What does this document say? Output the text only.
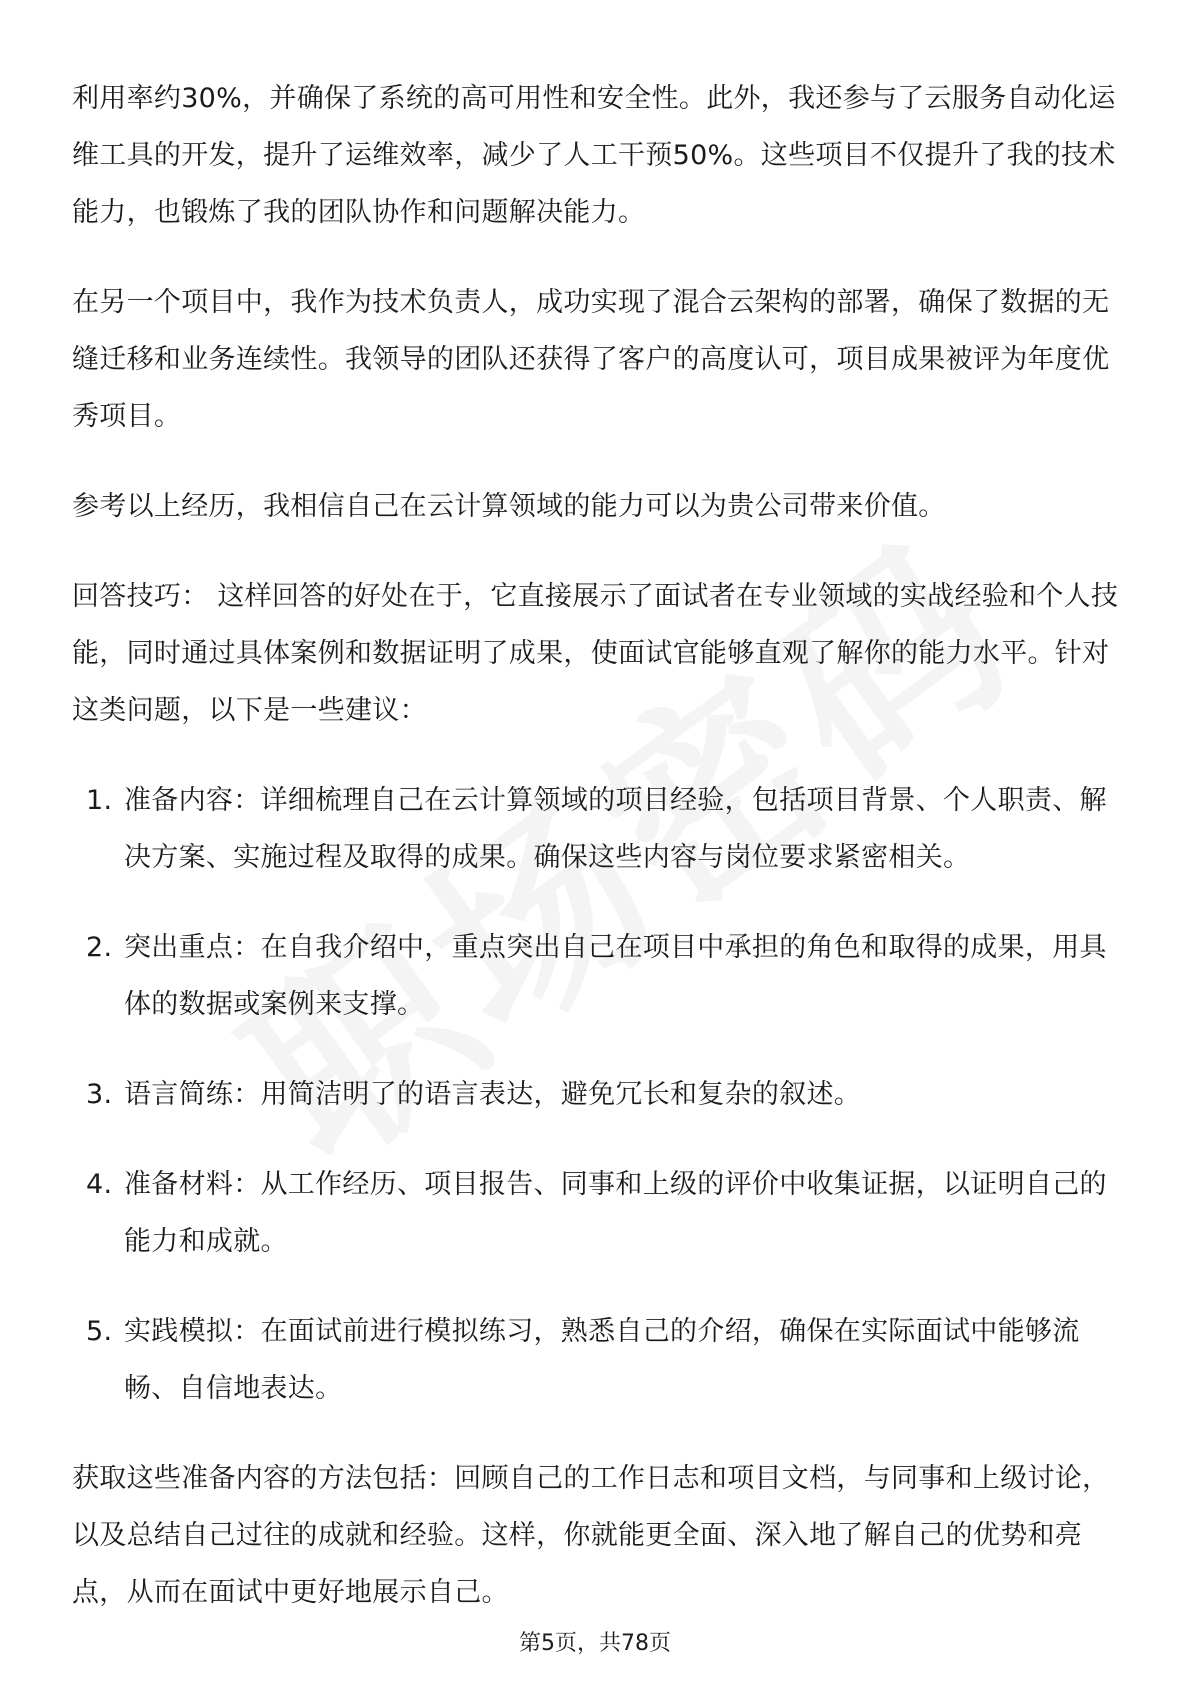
利用率约30%，并确保了系统的高可用性和安全性。此外，我还参与了云服务自动化运维工具的开发，提升了运维效率，减少了人工干预50%。这些项目不仅提升了我的技术能力，也锻炼了我的团队协作和问题解决能力。

在另一个项目中，我作为技术负责人，成功实现了混合云架构的部署，确保了数据的无缝迁移和业务连续性。我领导的团队还获得了客户的高度认可，项目成果被评为年度优秀项目。

参考以上经历，我相信自己在云计算领域的能力可以为贵公司带来价值。

回答技巧： 这样回答的好处在于，它直接展示了面试者在专业领域的实战经验和个人技能，同时通过具体案例和数据证明了成果，使面试官能够直观了解你的能力水平。针对这类问题，以下是一些建议：

1. 准备内容：详细梳理自己在云计算领域的项目经验，包括项目背景、个人职责、解决方案、实施过程及取得的成果。确保这些内容与岗位要求紧密相关。
2. 突出重点：在自我介绍中，重点突出自己在项目中承担的角色和取得的成果，用具体的数据或案例来支撑。
3. 语言简练：用简洁明了的语言表达，避免冗长和复杂的叙述。
4. 准备材料：从工作经历、项目报告、同事和上级的评价中收集证据，以证明自己的能力和成就。
5. 实践模拟：在面试前进行模拟练习，熟悉自己的介绍，确保在实际面试中能够流畅、自信地表达。

获取这些准备内容的方法包括：回顾自己的工作日志和项目文档，与同事和上级讨论，以及总结自己过往的成就和经验。这样，你就能更全面、深入地了解自己的优势和亮点，从而在面试中更好地展示自己。

第5页，共78页
